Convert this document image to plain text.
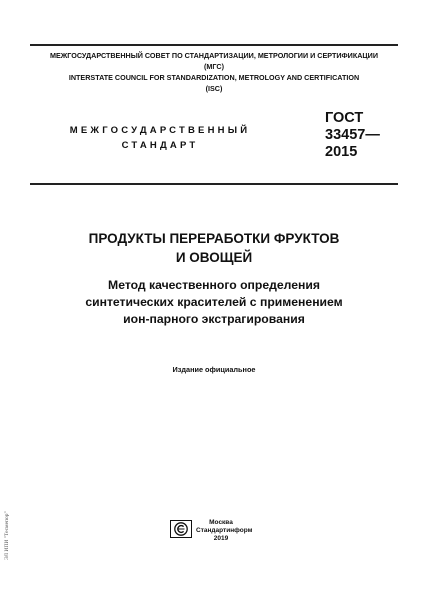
МЕЖГОСУДАРСТВЕННЫЙ СОВЕТ ПО СТАНДАРТИЗАЦИИ, МЕТРОЛОГИИ И СЕРТИФИКАЦИИ
(МГС)
INTERSTATE COUNCIL FOR STANDARDIZATION, METROLOGY AND CERTIFICATION
(ISC)
МЕЖГОСУДАРСТВЕННЫЙ
СТАНДАРТ
ГОСТ
33457—
2015
ПРОДУКТЫ ПЕРЕРАБОТКИ ФРУКТОВ
И ОВОЩЕЙ
Метод качественного определения
синтетических красителей с применением
ион-парного экстрагирования
Издание официальное
Москва
Стандартинформ
2019
ЭЛ ИПИ "Тесмепор"
